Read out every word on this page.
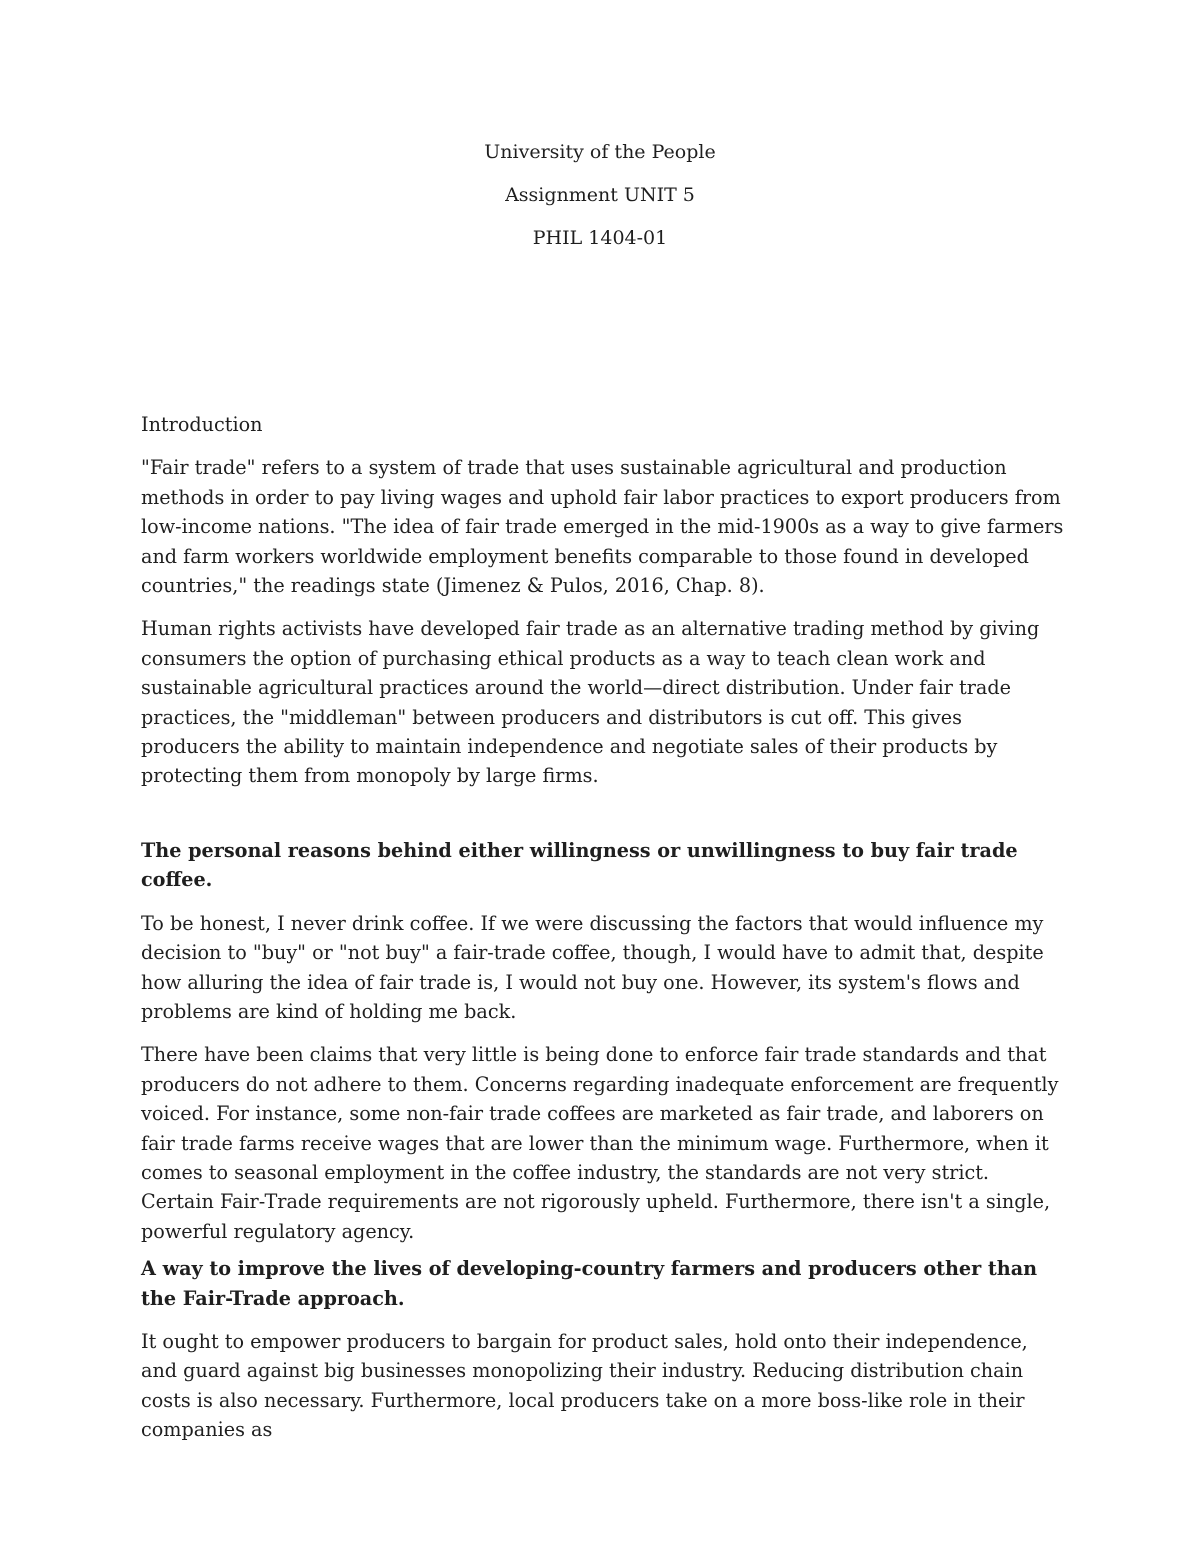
University of the People
Assignment UNIT 5
PHIL 1404-01

Introduction

"Fair trade" refers to a system of trade that uses sustainable agricultural and production methods in order to pay living wages and uphold fair labor practices to export producers from low-income nations. "The idea of fair trade emerged in the mid-1900s as a way to give farmers and farm workers worldwide employment benefits comparable to those found in developed countries," the readings state (Jimenez & Pulos, 2016, Chap. 8).

Human rights activists have developed fair trade as an alternative trading method by giving consumers the option of purchasing ethical products as a way to teach clean work and sustainable agricultural practices around the world—direct distribution. Under fair trade practices, the "middleman" between producers and distributors is cut off. This gives producers the ability to maintain independence and negotiate sales of their products by protecting them from monopoly by large firms.

The personal reasons behind either willingness or unwillingness to buy fair trade coffee.

To be honest, I never drink coffee. If we were discussing the factors that would influence my decision to "buy" or "not buy" a fair-trade coffee, though, I would have to admit that, despite how alluring the idea of fair trade is, I would not buy one. However, its system's flows and problems are kind of holding me back.

There have been claims that very little is being done to enforce fair trade standards and that producers do not adhere to them. Concerns regarding inadequate enforcement are frequently voiced. For instance, some non-fair trade coffees are marketed as fair trade, and laborers on fair trade farms receive wages that are lower than the minimum wage. Furthermore, when it comes to seasonal employment in the coffee industry, the standards are not very strict. Certain Fair-Trade requirements are not rigorously upheld. Furthermore, there isn't a single, powerful regulatory agency.

A way to improve the lives of developing-country farmers and producers other than the Fair-Trade approach.

It ought to empower producers to bargain for product sales, hold onto their independence, and guard against big businesses monopolizing their industry. Reducing distribution chain costs is also necessary. Furthermore, local producers take on a more boss-like role in their companies as
